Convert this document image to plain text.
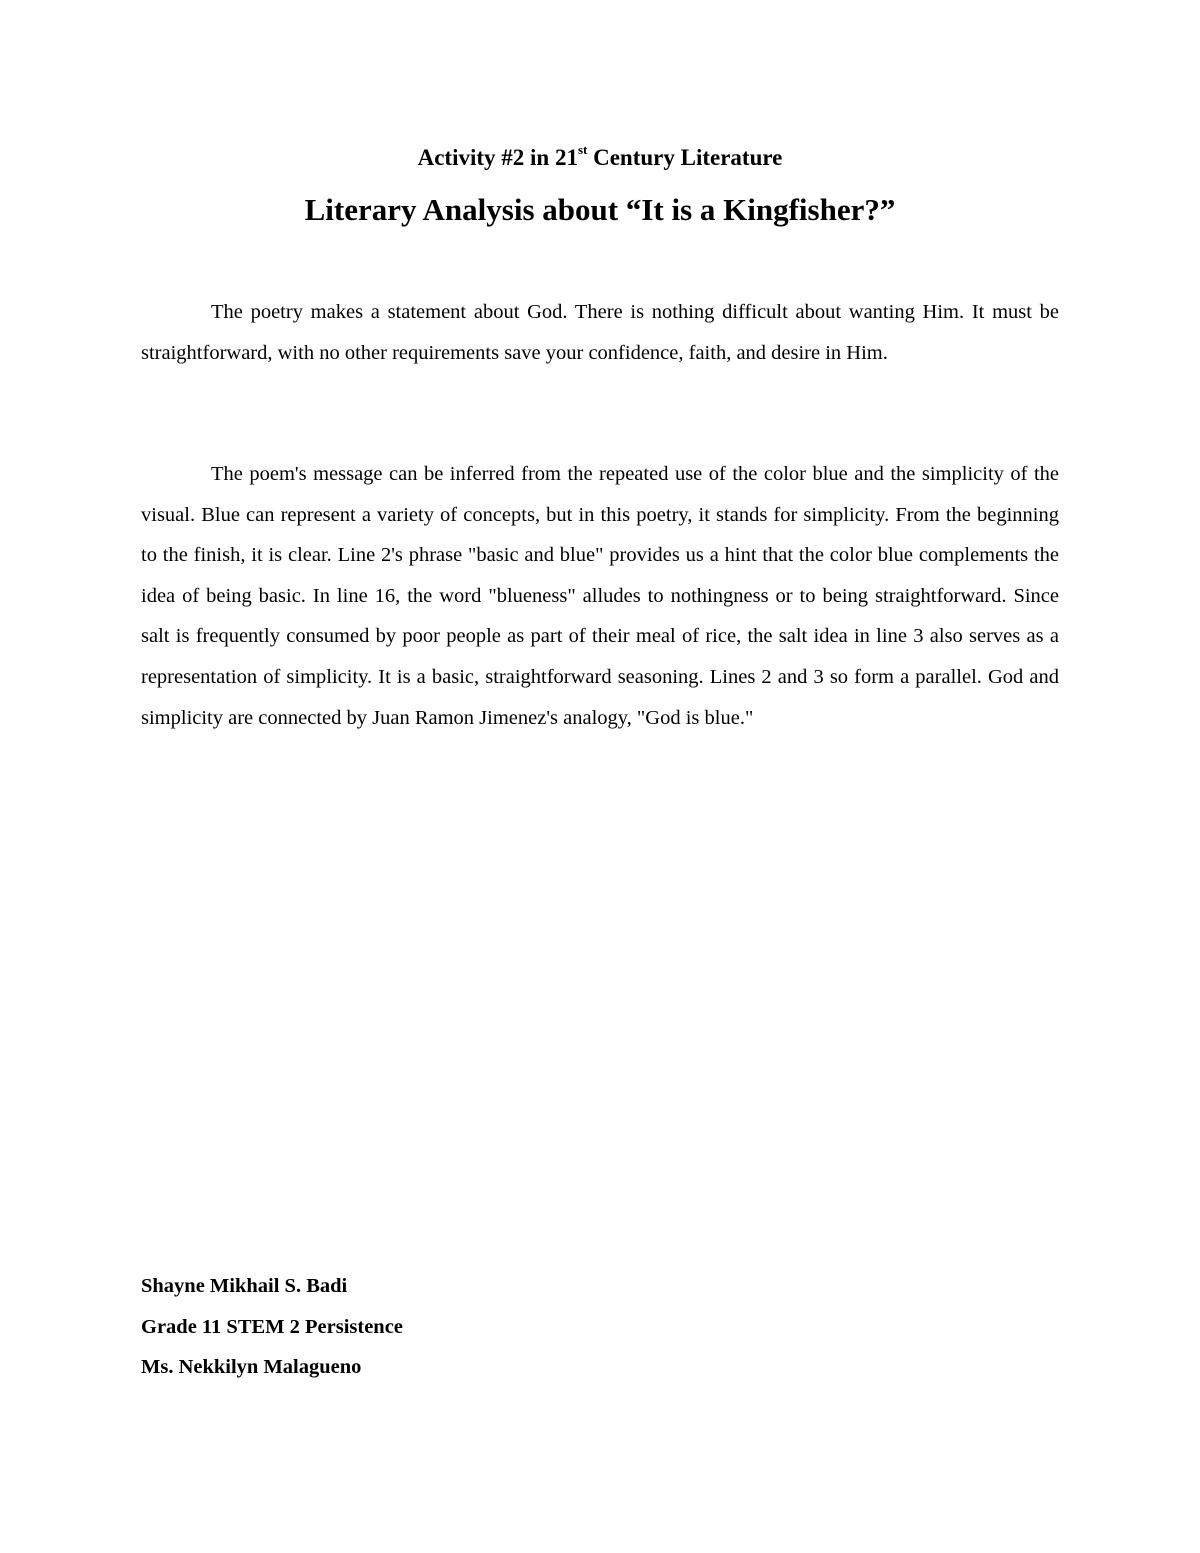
Activity #2 in 21st Century Literature
Literary Analysis about “It is a Kingfisher?”

The poetry makes a statement about God. There is nothing difficult about wanting Him. It must be straightforward, with no other requirements save your confidence, faith, and desire in Him.

The poem's message can be inferred from the repeated use of the color blue and the simplicity of the visual. Blue can represent a variety of concepts, but in this poetry, it stands for simplicity. From the beginning to the finish, it is clear. Line 2's phrase "basic and blue" provides us a hint that the color blue complements the idea of being basic. In line 16, the word "blueness" alludes to nothingness or to being straightforward. Since salt is frequently consumed by poor people as part of their meal of rice, the salt idea in line 3 also serves as a representation of simplicity. It is a basic, straightforward seasoning. Lines 2 and 3 so form a parallel. God and simplicity are connected by Juan Ramon Jimenez's analogy, "God is blue."

Shayne Mikhail S. Badi
Grade 11 STEM 2 Persistence
Ms. Nekkilyn Malagueno
